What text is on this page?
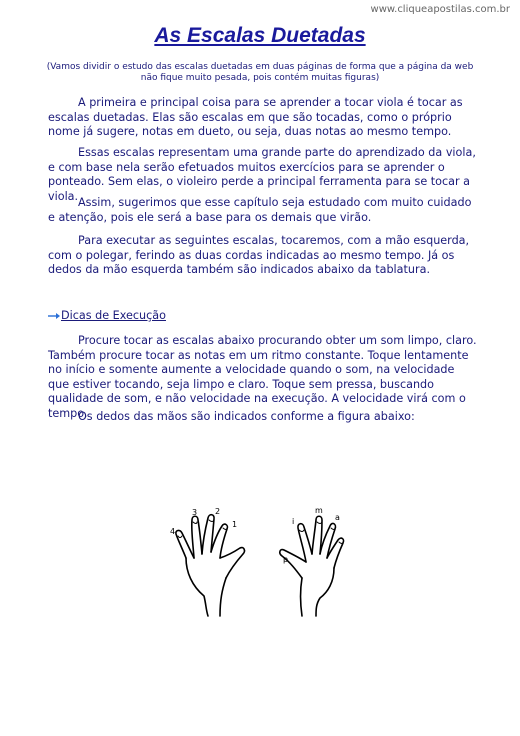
www.cliqueapostilas.com.br
As Escalas Duetadas
(Vamos dividir o estudo das escalas duetadas em duas páginas de forma que a página da web não fique muito pesada, pois contém muitas figuras)

A primeira e principal coisa para se aprender a tocar viola é tocar as escalas duetadas. Elas são escalas em que são tocadas, como o próprio nome já sugere, notas em dueto, ou seja, duas notas ao mesmo tempo.

Essas escalas representam uma grande parte do aprendizado da viola, e com base nela serão efetuados muitos exercícios para se aprender o ponteado. Sem elas, o violeiro perde a principal ferramenta para se tocar a viola. Assim, sugerimos que esse capítulo seja estudado com muito cuidado e atenção, pois ele será a base para os demais que virão.

Para executar as seguintes escalas, tocaremos, com a mão esquerda, com o polegar, ferindo as duas cordas indicadas ao mesmo tempo. Já os dedos da mão esquerda também são indicados abaixo da tablatura.

Dicas de Execução

Procure tocar as escalas abaixo procurando obter um som limpo, claro. Também procure tocar as notas em um ritmo constante. Toque lentamente no início e somente aumente a velocidade quando o som, na velocidade que estiver tocando, seja limpo e claro. Toque sem pressa, buscando qualidade de som, e não velocidade na execução. A velocidade virá com o tempo.

Os dedos das mãos são indicados conforme a figura abaixo:

4
3 2
1	i
m
a
p
